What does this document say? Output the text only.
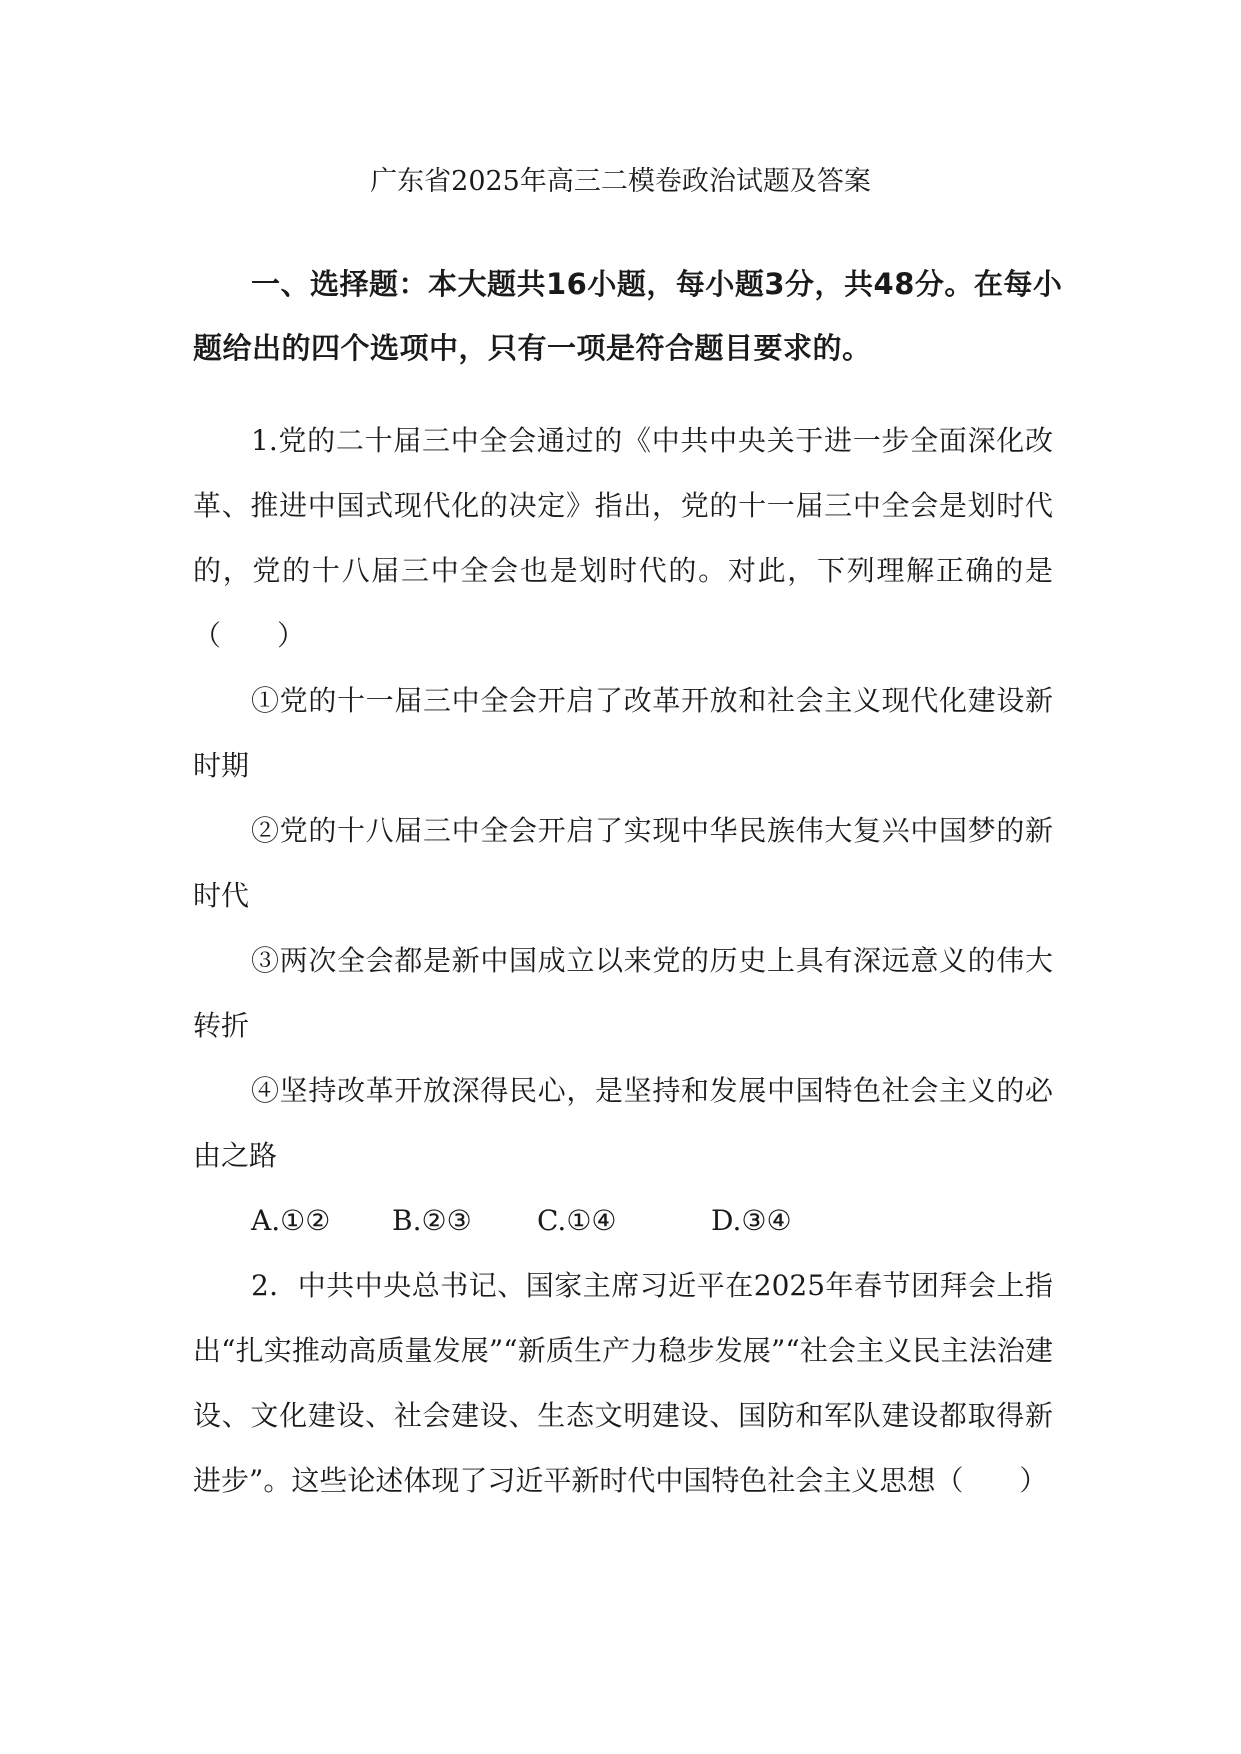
广东省2025年高三二模卷政治试题及答案
一、选择题：本大题共16小题，每小题3分，共48分。在每小题给出的四个选项中，只有一项是符合题目要求的。

1.党的二十届三中全会通过的《中共中央关于进一步全面深化改革、推进中国式现代化的决定》指出，党的十一届三中全会是划时代的，党的十八届三中全会也是划时代的。对此，下列理解正确的是（　　）

①党的十一届三中全会开启了改革开放和社会主义现代化建设新时期

②党的十八届三中全会开启了实现中华民族伟大复兴中国梦的新时代

③两次全会都是新中国成立以来党的历史上具有深远意义的伟大转折

④坚持改革开放深得民心，是坚持和发展中国特色社会主义的必由之路

A.①② B.②③ C.①④	D.③④

2．中共中央总书记、国家主席习近平在2025年春节团拜会上指出“扎实推动高质量发展”“新质生产力稳步发展”“社会主义民主法治建设、文化建设、社会建设、生态文明建设、国防和军队建设都取得新进步”。这些论述体现了习近平新时代中国特色社会主义思想（　　）
